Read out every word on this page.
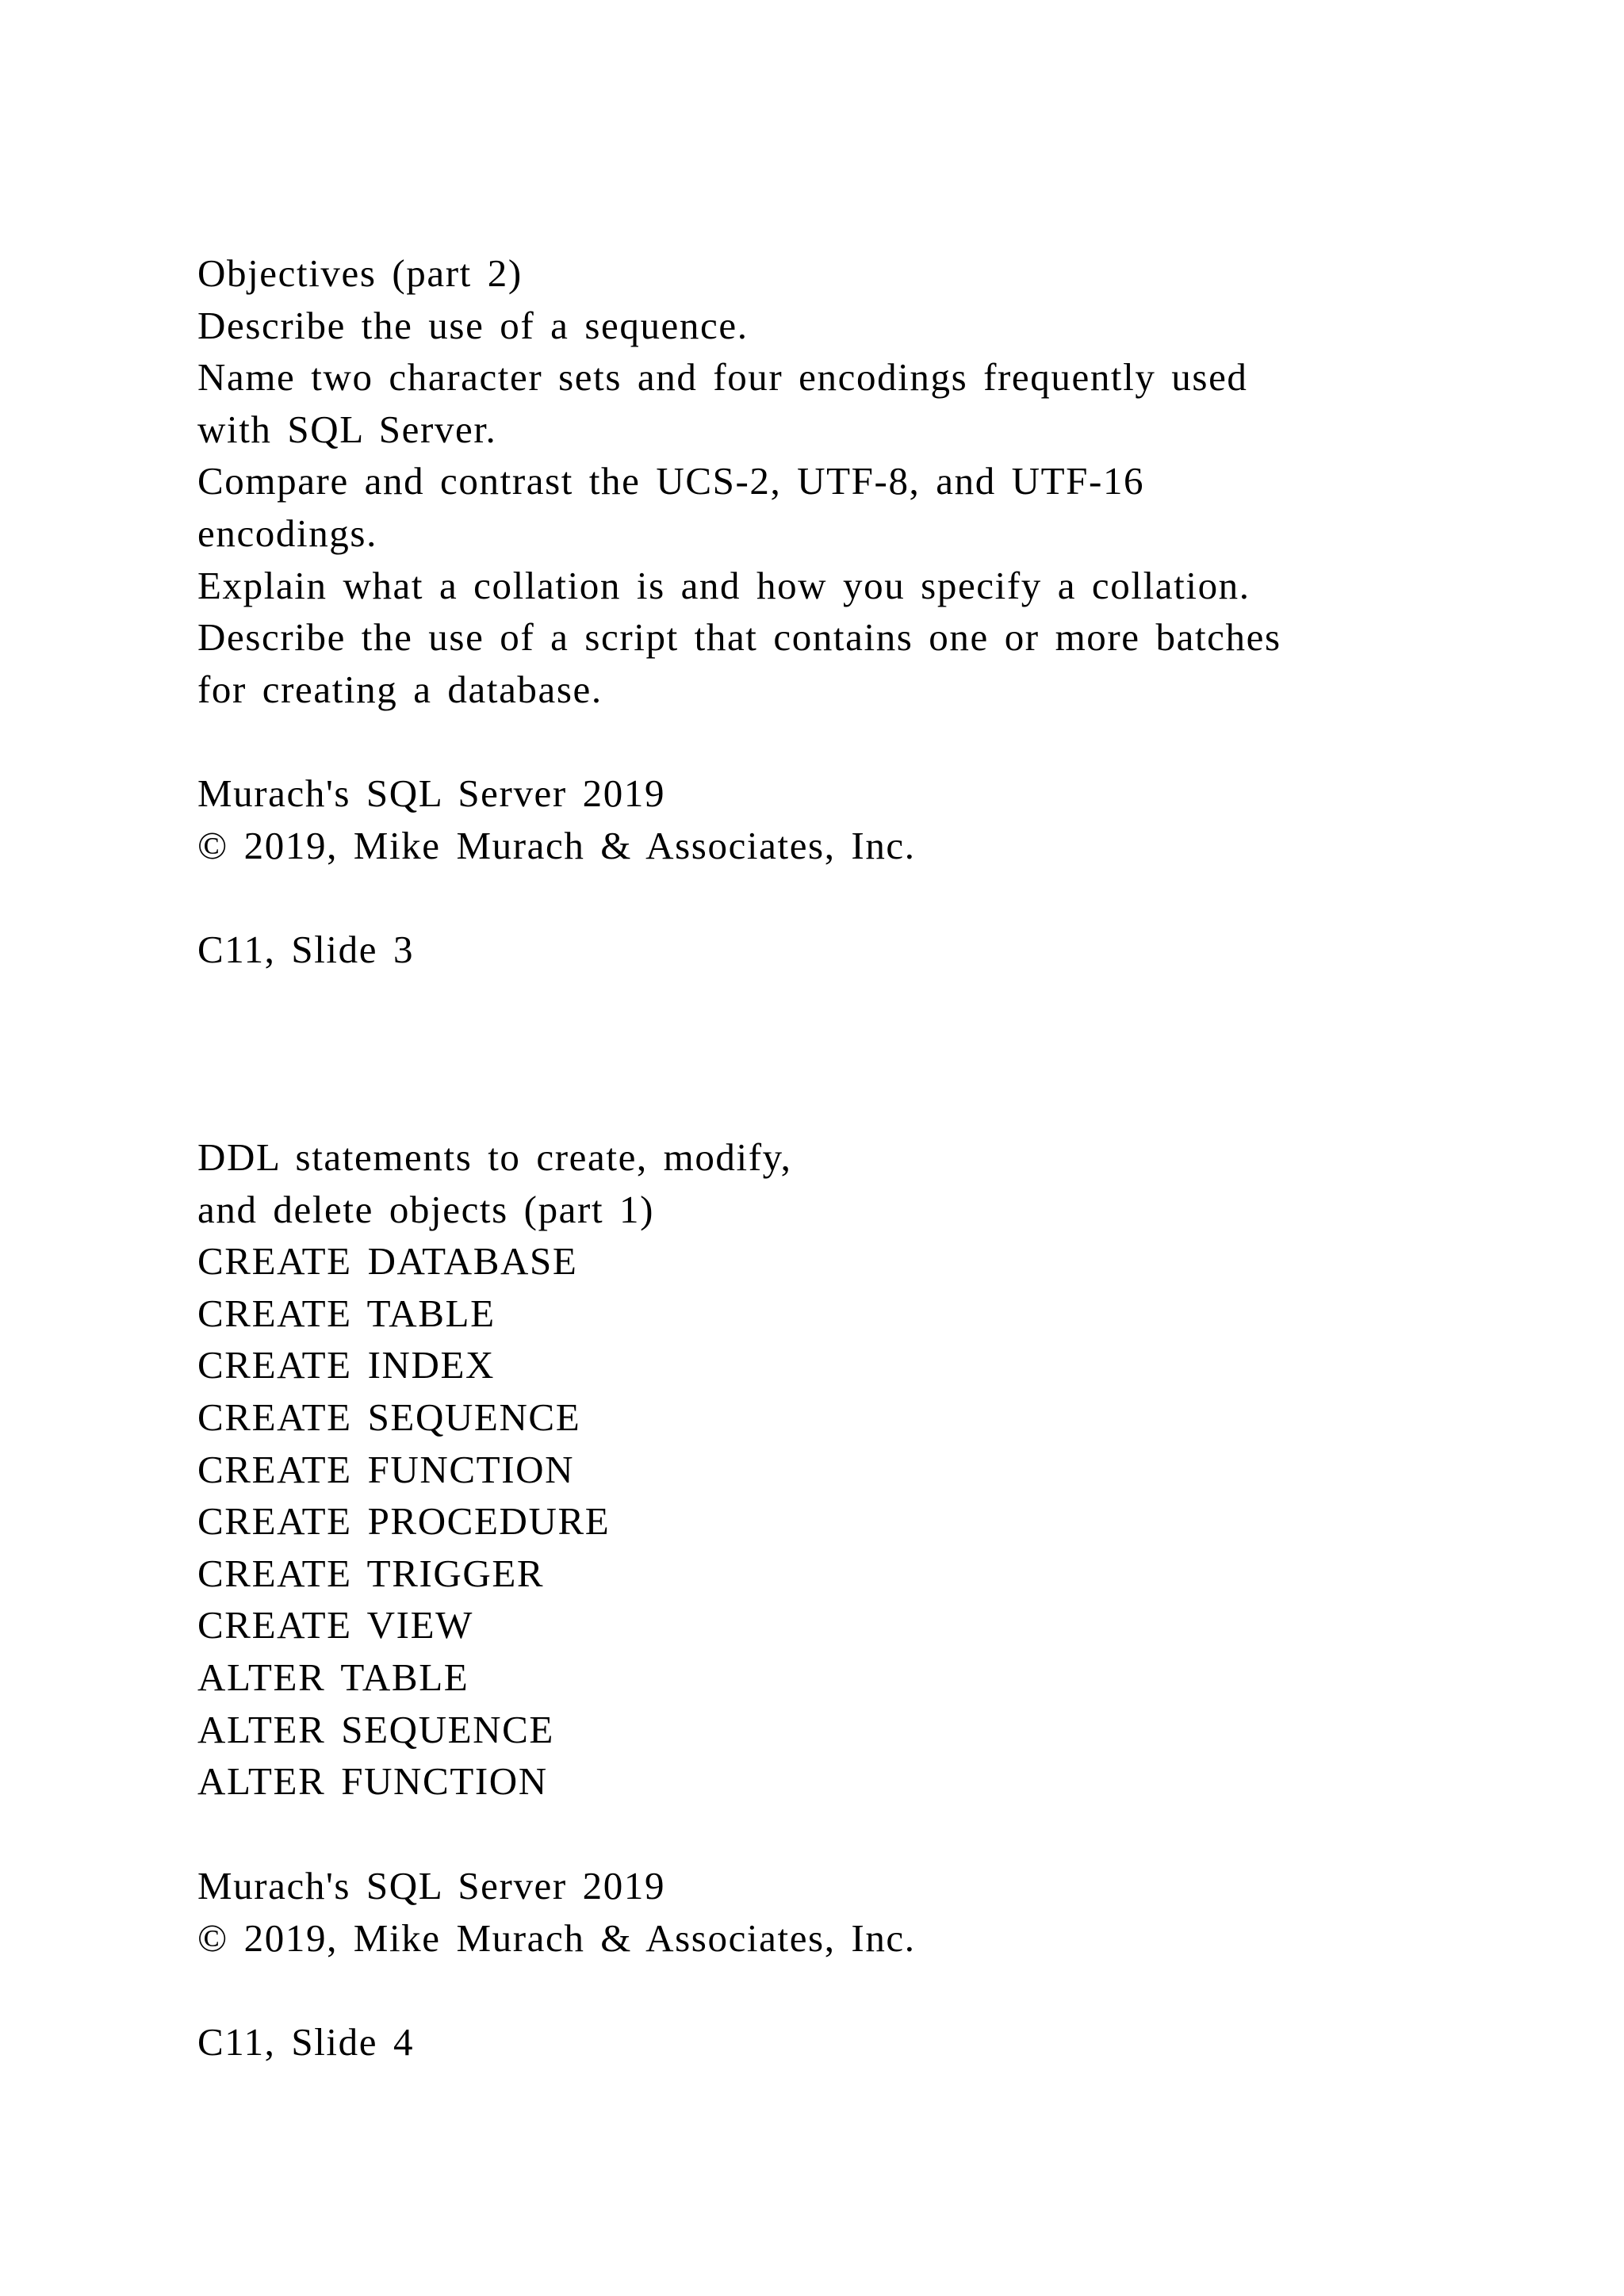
Objectives (part 2)
Describe the use of a sequence.
Name two character sets and four encodings frequently used
with SQL Server.
Compare and contrast the UCS-2, UTF-8, and UTF-16
encodings.
Explain what a collation is and how you specify a collation.
Describe the use of a script that contains one or more batches
for creating a database.
Murach's SQL Server 2019
© 2019, Mike Murach & Associates, Inc.
C11, Slide 3
DDL statements to create, modify,
and delete objects (part 1)
CREATE DATABASE
CREATE TABLE
CREATE INDEX
CREATE SEQUENCE
CREATE FUNCTION
CREATE PROCEDURE
CREATE TRIGGER
CREATE VIEW
ALTER TABLE
ALTER SEQUENCE
ALTER FUNCTION
Murach's SQL Server 2019
© 2019, Mike Murach & Associates, Inc.
C11, Slide 4
